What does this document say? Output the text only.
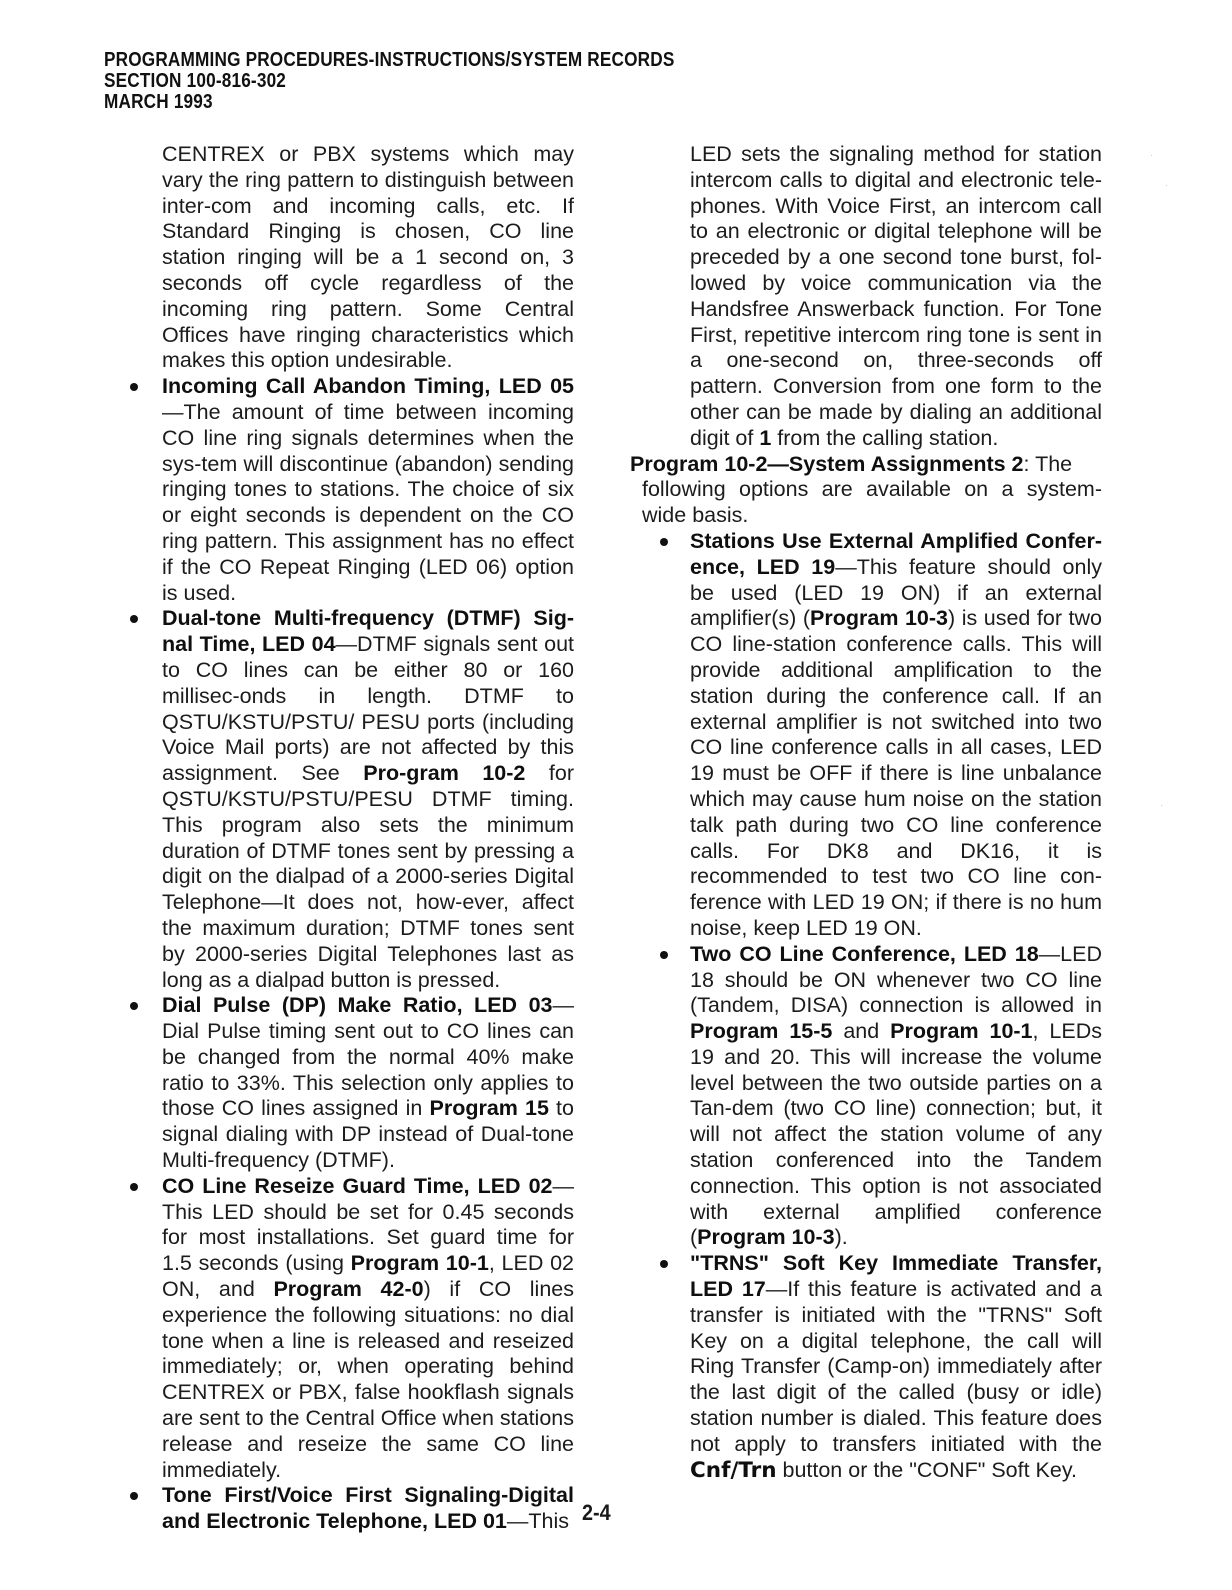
PROGRAMMING PROCEDURES-INSTRUCTIONS/SYSTEM RECORDS
SECTION 100-816-302
MARCH 1993

CENTREX or PBX systems which may vary the ring pattern to distinguish between inter-com and incoming calls, etc. If Standard Ringing is chosen, CO line station ringing will be a 1 second on, 3 seconds off cycle regardless of the incoming ring pattern. Some Central Offices have ringing characteristics which makes this option undesirable.

Incoming Call Abandon Timing, LED 05—The amount of time between incoming CO line ring signals determines when the sys-tem will discontinue (abandon) sending ringing tones to stations. The choice of six or eight seconds is dependent on the CO ring pattern. This assignment has no effect if the CO Repeat Ringing (LED 06) option is used.

Dual-tone Multi-frequency (DTMF) Sig-nal Time, LED 04—DTMF signals sent out to CO lines can be either 80 or 160 millisec-onds in length. DTMF to QSTU/KSTU/PSTU/ PESU ports (including Voice Mail ports) are not affected by this assignment. See Pro-gram 10-2 for QSTU/KSTU/PSTU/PESU DTMF timing. This program also sets the minimum duration of DTMF tones sent by pressing a digit on the dialpad of a 2000-series Digital Telephone—It does not, how-ever, affect the maximum duration; DTMF tones sent by 2000-series Digital Telephones last as long as a dialpad button is pressed.

Dial Pulse (DP) Make Ratio, LED 03—Dial Pulse timing sent out to CO lines can be changed from the normal 40% make ratio to 33%. This selection only applies to those CO lines assigned in Program 15 to signal dialing with DP instead of Dual-tone Multi-frequency (DTMF).

CO Line Reseize Guard Time, LED 02—This LED should be set for 0.45 seconds for most installations. Set guard time for 1.5 seconds (using Program 10-1, LED 02 ON, and Program 42-0) if CO lines experience the following situations: no dial tone when a line is released and reseized immediately; or, when operating behind CENTREX or PBX, false hookflash signals are sent to the Central Office when stations release and reseize the same CO line immediately.

Tone First/Voice First Signaling-Digital and Electronic Telephone, LED 01—This

LED sets the signaling method for station intercom calls to digital and electronic tele-phones. With Voice First, an intercom call to an electronic or digital telephone will be preceded by a one second tone burst, fol-lowed by voice communication via the Handsfree Answerback function. For Tone First, repetitive intercom ring tone is sent in a one-second on, three-seconds off pattern. Conversion from one form to the other can be made by dialing an additional digit of 1 from the calling station.

Program 10-2—System Assignments 2: The

following options are available on a system-wide basis.

Stations Use External Amplified Confer-ence, LED 19—This feature should only be used (LED 19 ON) if an external amplifier(s) (Program 10-3) is used for two CO line-station conference calls. This will provide additional amplification to the station during the conference call. If an external amplifier is not switched into two CO line conference calls in all cases, LED 19 must be OFF if there is line unbalance which may cause hum noise on the station talk path during two CO line conference calls. For DK8 and DK16, it is recommended to test two CO line con-ference with LED 19 ON; if there is no hum noise, keep LED 19 ON.

Two CO Line Conference, LED 18—LED 18 should be ON whenever two CO line (Tandem, DISA) connection is allowed in Program 15-5 and Program 10-1, LEDs 19 and 20. This will increase the volume level between the two outside parties on a Tan-dem (two CO line) connection; but, it will not affect the station volume of any station conferenced into the Tandem connection. This option is not associated with external amplified conference (Program 10-3).

"TRNS" Soft Key Immediate Transfer, LED 17—If this feature is activated and a transfer is initiated with the "TRNS" Soft Key on a digital telephone, the call will Ring Transfer (Camp-on) immediately after the last digit of the called (busy or idle) station number is dialed. This feature does not apply to transfers initiated with the Cnf/Trn button or the "CONF" Soft Key.

2-4
·
·
·
